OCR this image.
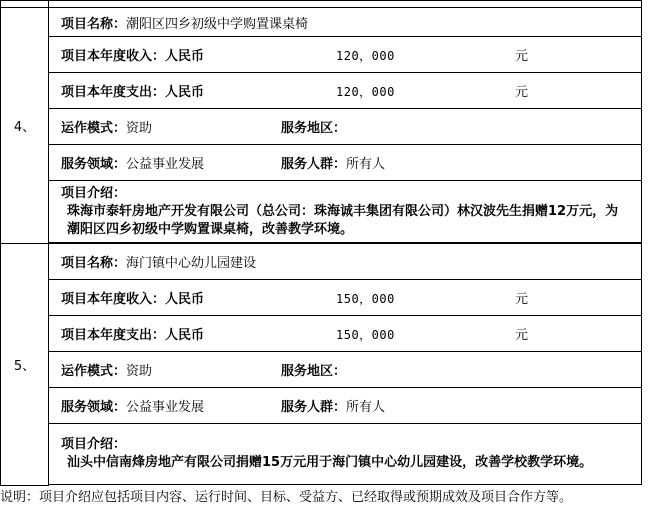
4、	项目名称：潮阳区四乡初级中学购置课桌椅
	项目本年度收入：人民币 120，000 元
	项目本年度支出：人民币 120，000 元
	运作模式：资助 服务地区：
	服务领域：公益事业发展 服务人群：所有人

	项目介绍：
珠海市泰轩房地产开发有限公司（总公司：珠海诚丰集团有限公司）林汉波先生捐赠12万元，为潮阳区四乡初级中学购置课桌椅，改善教学环境。

5、	项目名称：海门镇中心幼儿园建设
	项目本年度收入：人民币 150，000 元
	项目本年度支出：人民币 150，000 元
	运作模式：资助 服务地区：
	服务领域：公益事业发展 服务人群：所有人

	项目介绍：
汕头中信南烽房地产有限公司捐赠15万元用于海门镇中心幼儿园建设，改善学校教学环境。

说明：项目介绍应包括项目内容、运行时间、目标、受益方、已经取得或预期成效及项目合作方等。
